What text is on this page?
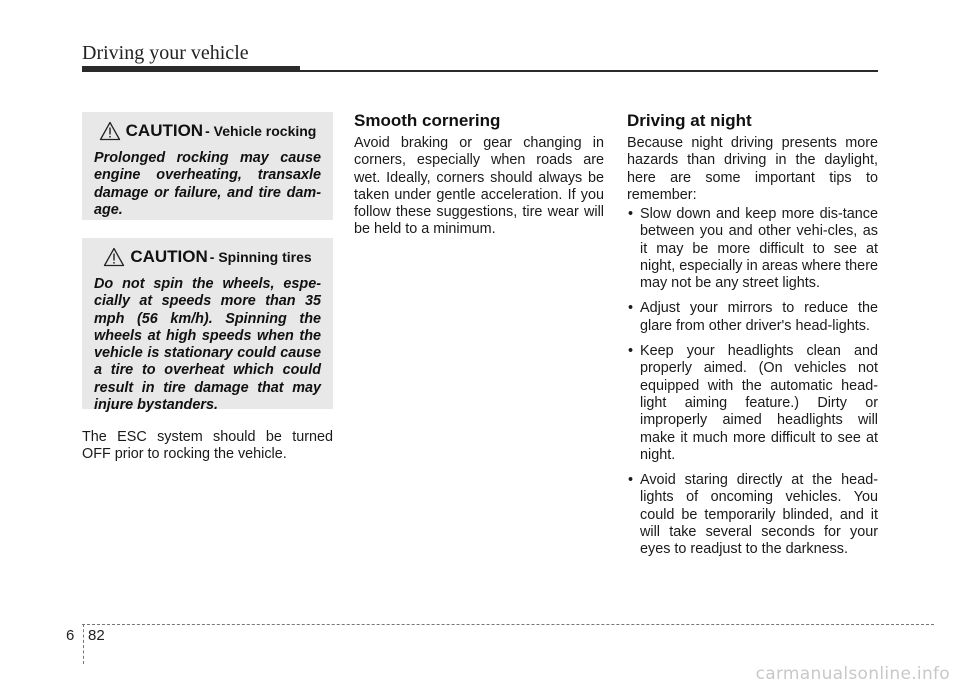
Driving your vehicle
CAUTION - Vehicle rocking

Prolonged rocking may cause engine overheating, transaxle damage or failure, and tire dam-age.

CAUTION - Spinning tires

Do not spin the wheels, espe-cially at speeds more than 35 mph (56 km/h). Spinning the wheels at high speeds when the vehicle is stationary could cause a tire to overheat which could result in tire damage that may injure bystanders.

The ESC system should be turned OFF prior to rocking the vehicle.

Smooth cornering

Avoid braking or gear changing in corners, especially when roads are wet. Ideally, corners should always be taken under gentle acceleration. If you follow these suggestions, tire wear will be held to a minimum.

Driving at night

Because night driving presents more hazards than driving in the daylight, here are some important tips to remember:

• Slow down and keep more dis-tance between you and other vehi-cles, as it may be more difficult to see at night, especially in areas where there may not be any street lights.
• Adjust your mirrors to reduce the glare from other driver's head-lights.
• Keep your headlights clean and properly aimed. (On vehicles not equipped with the automatic head-light aiming feature.) Dirty or improperly aimed headlights will make it much more difficult to see at night.
• Avoid staring directly at the head-lights of oncoming vehicles. You could be temporarily blinded, and it will take several seconds for your eyes to readjust to the darkness.
6 82
carmanualsonline.info
